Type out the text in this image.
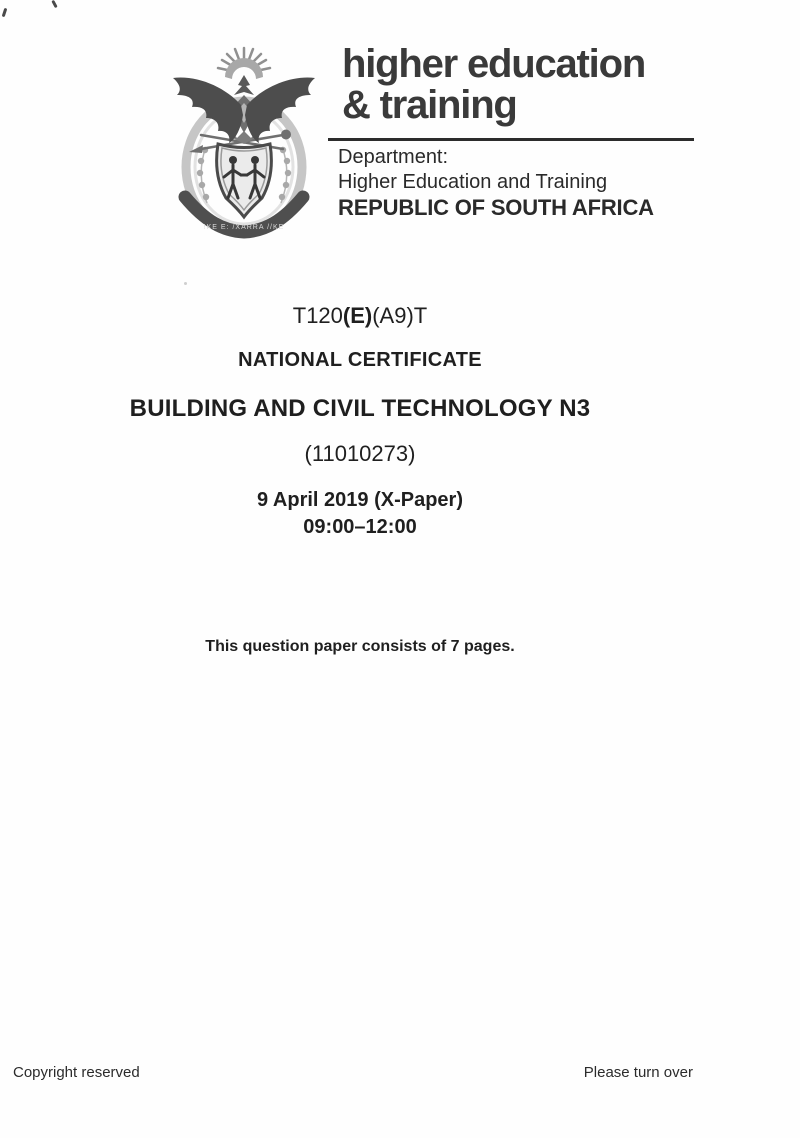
!KE E: /XARRA //KE
higher education
& training
Department:
Higher Education and Training
REPUBLIC OF SOUTH AFRICA
T120(E)(A9)T
NATIONAL CERTIFICATE
BUILDING AND CIVIL TECHNOLOGY N3
(11010273)
9 April 2019 (X-Paper)
09:00–12:00
This question paper consists of 7 pages.
Copyright reserved	Please turn over
